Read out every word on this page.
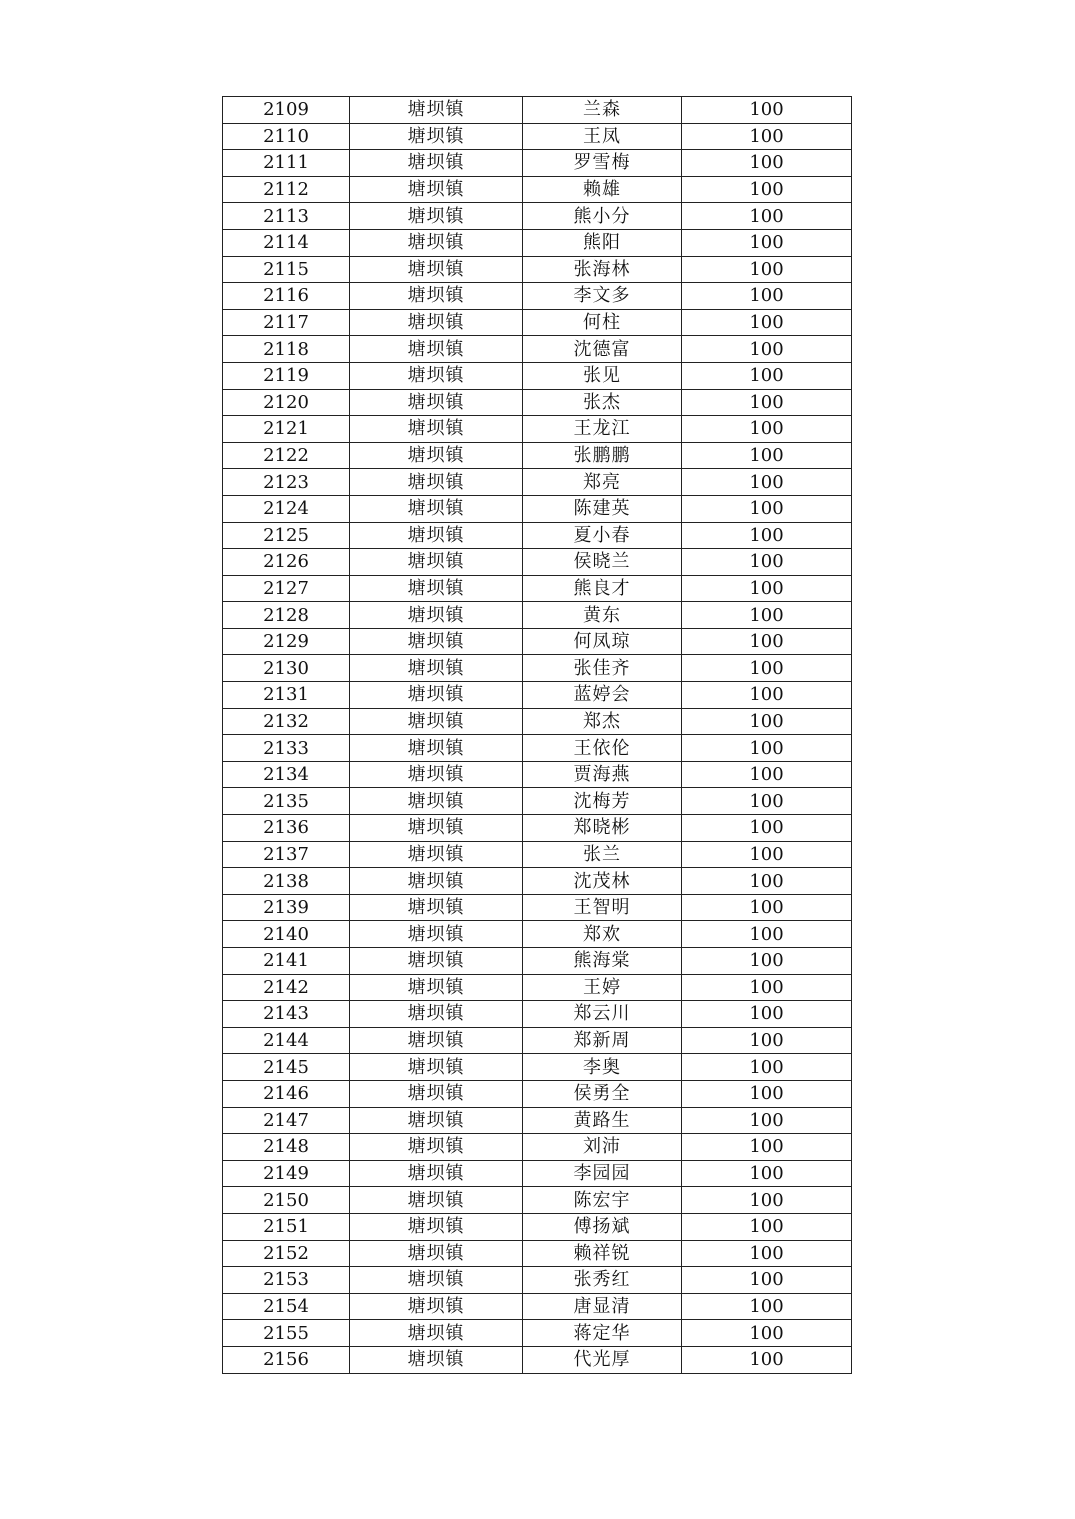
2109	塘坝镇	兰森	100
2110	塘坝镇	王凤	100
2111	塘坝镇	罗雪梅	100
2112	塘坝镇	赖雄	100
2113	塘坝镇	熊小分	100
2114	塘坝镇	熊阳	100
2115	塘坝镇	张海林	100
2116	塘坝镇	李文多	100
2117	塘坝镇	何柱	100
2118	塘坝镇	沈德富	100
2119	塘坝镇	张见	100
2120	塘坝镇	张杰	100
2121	塘坝镇	王龙江	100
2122	塘坝镇	张鹏鹏	100
2123	塘坝镇	郑亮	100
2124	塘坝镇	陈建英	100
2125	塘坝镇	夏小春	100
2126	塘坝镇	侯晓兰	100
2127	塘坝镇	熊良才	100
2128	塘坝镇	黄东	100
2129	塘坝镇	何凤琼	100
2130	塘坝镇	张佳齐	100
2131	塘坝镇	蓝婷会	100
2132	塘坝镇	郑杰	100
2133	塘坝镇	王依伦	100
2134	塘坝镇	贾海燕	100
2135	塘坝镇	沈梅芳	100
2136	塘坝镇	郑晓彬	100
2137	塘坝镇	张兰	100
2138	塘坝镇	沈茂林	100
2139	塘坝镇	王智明	100
2140	塘坝镇	郑欢	100
2141	塘坝镇	熊海棠	100
2142	塘坝镇	王婷	100
2143	塘坝镇	郑云川	100
2144	塘坝镇	郑新周	100
2145	塘坝镇	李奥	100
2146	塘坝镇	侯勇全	100
2147	塘坝镇	黄路生	100
2148	塘坝镇	刘沛	100
2149	塘坝镇	李园园	100
2150	塘坝镇	陈宏宇	100
2151	塘坝镇	傅扬斌	100
2152	塘坝镇	赖祥锐	100
2153	塘坝镇	张秀红	100
2154	塘坝镇	唐显清	100
2155	塘坝镇	蒋定华	100
2156	塘坝镇	代光厚	100
